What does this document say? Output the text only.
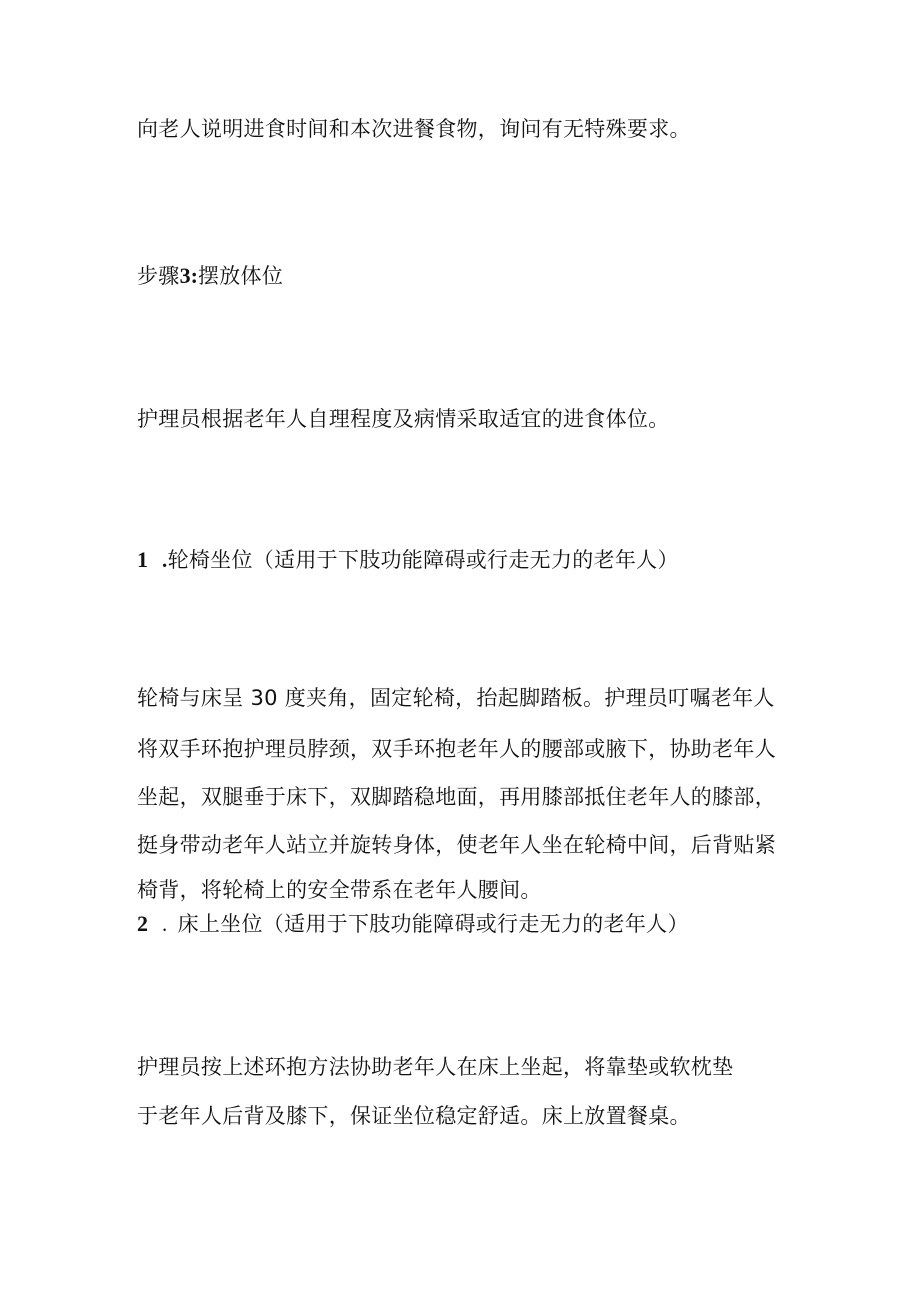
向老人说明进食时间和本次进餐食物，询问有无特殊要求。
步骤3:摆放体位
护理员根据老年人自理程度及病情采取适宜的进食体位。
1 .轮椅坐位（适用于下肢功能障碍或行走无力的老年人）
轮椅与床呈 30 度夹角，固定轮椅，抬起脚踏板。护理员叮嘱老年人
将双手环抱护理员脖颈，双手环抱老年人的腰部或腋下，协助老年人
坐起，双腿垂于床下，双脚踏稳地面，再用膝部抵住老年人的膝部，
挺身带动老年人站立并旋转身体，使老年人坐在轮椅中间，后背贴紧
椅背，将轮椅上的安全带系在老年人腰间。
2 . 床上坐位（适用于下肢功能障碍或行走无力的老年人）
护理员按上述环抱方法协助老年人在床上坐起，将靠垫或软枕垫
于老年人后背及膝下，保证坐位稳定舒适。床上放置餐桌。
